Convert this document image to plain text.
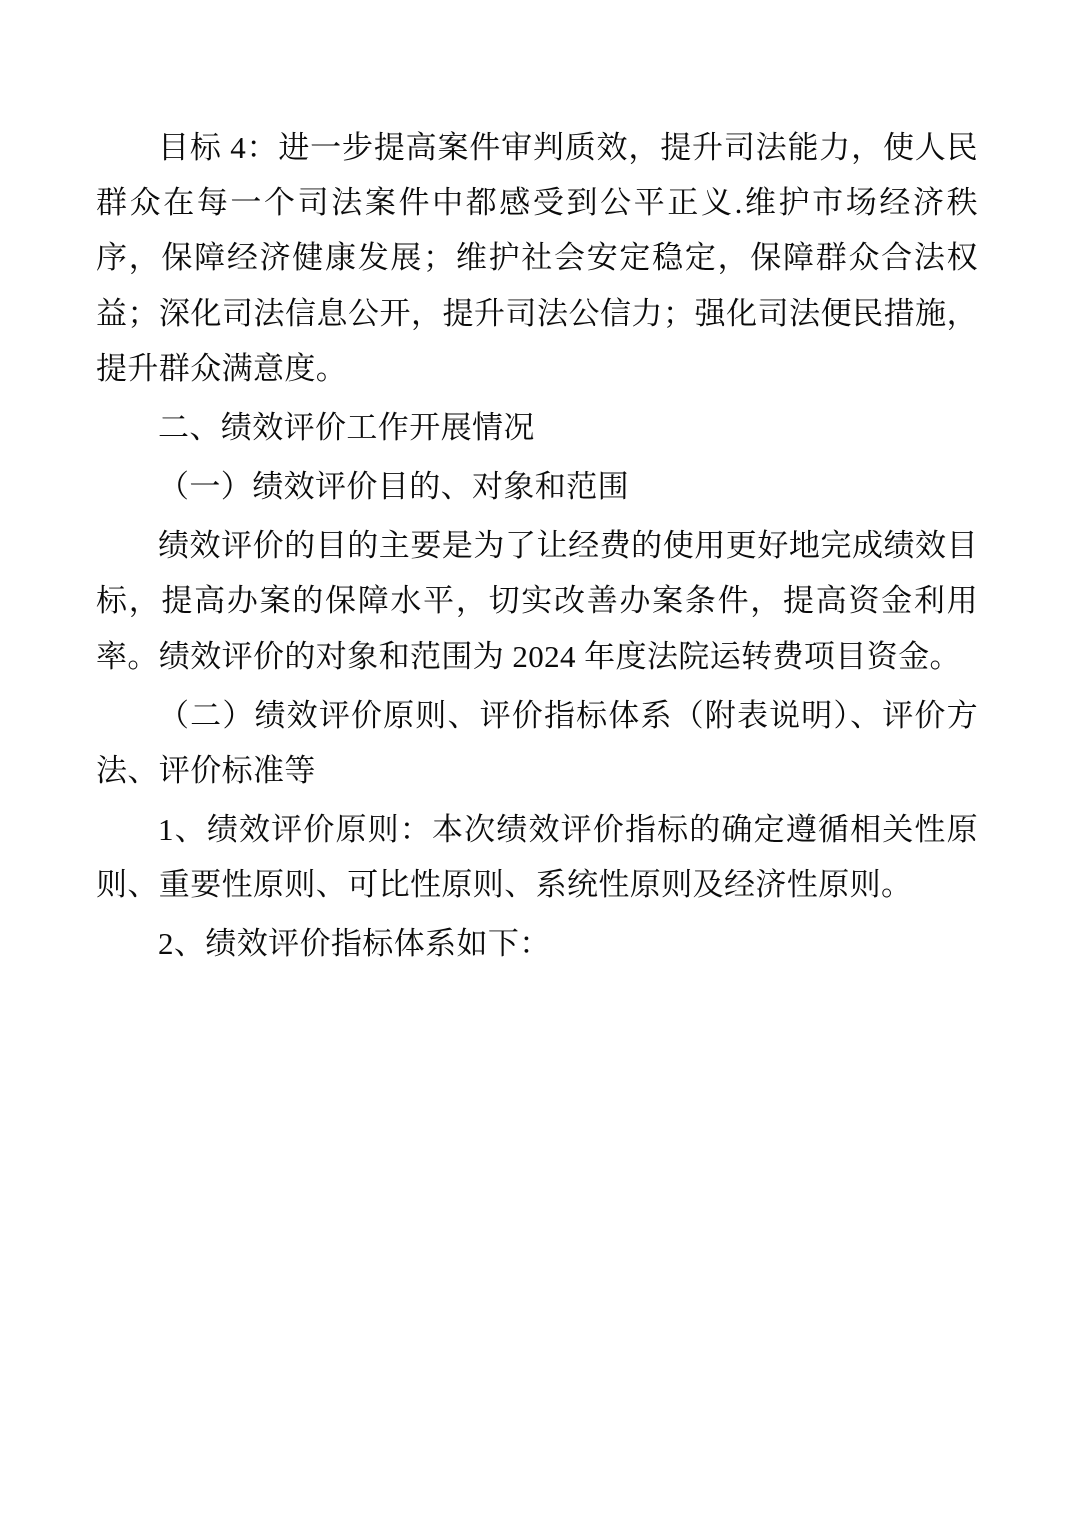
目标 4：进一步提高案件审判质效，提升司法能力，使人民群众在每一个司法案件中都感受到公平正义.维护市场经济秩序，保障经济健康发展；维护社会安定稳定，保障群众合法权益；深化司法信息公开，提升司法公信力；强化司法便民措施，提升群众满意度。

二、绩效评价工作开展情况

（一）绩效评价目的、对象和范围

绩效评价的目的主要是为了让经费的使用更好地完成绩效目标，提高办案的保障水平，切实改善办案条件，提高资金利用率。绩效评价的对象和范围为 2024 年度法院运转费项目资金。

（二）绩效评价原则、评价指标体系（附表说明）、评价方法、评价标准等

1、绩效评价原则：本次绩效评价指标的确定遵循相关性原则、重要性原则、可比性原则、系统性原则及经济性原则。

2、绩效评价指标体系如下：
